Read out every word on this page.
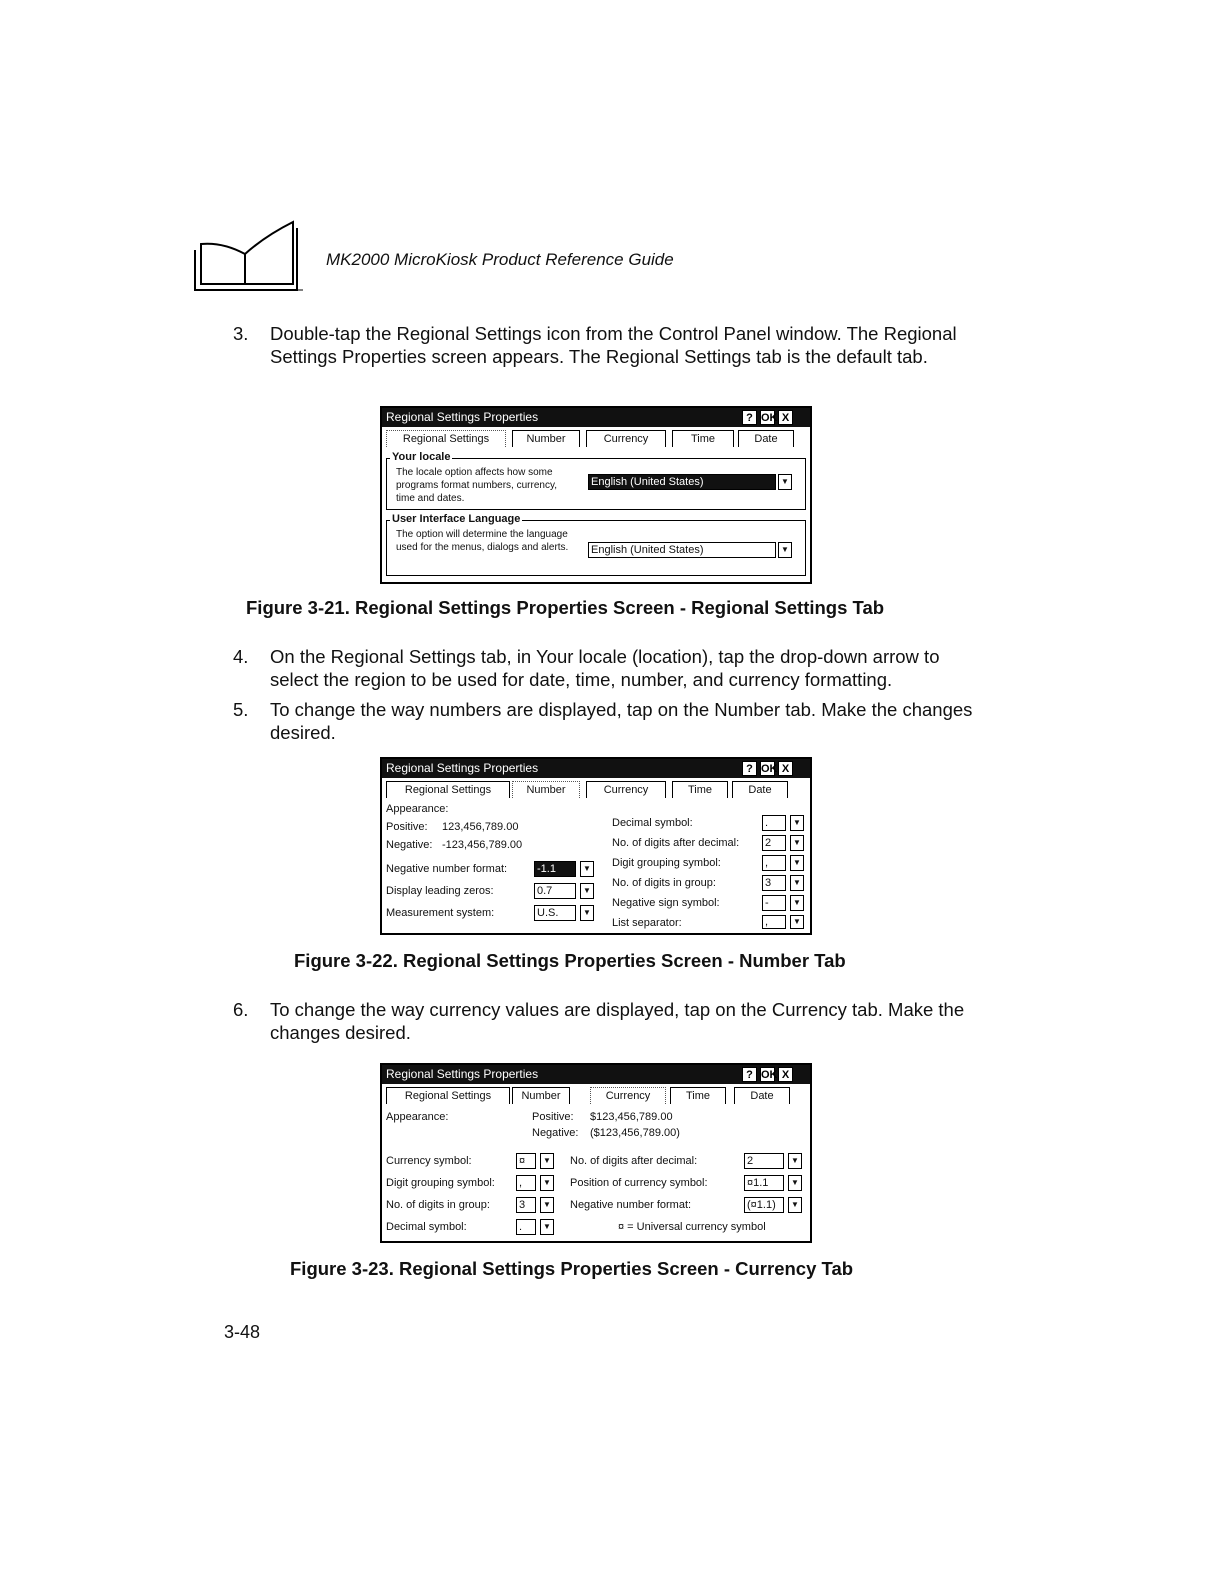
MK2000 MicroKiosk Product Reference Guide
3. Double-tap the Regional Settings icon from the Control Panel window. The Regional Settings Properties screen appears. The Regional Settings tab is the default tab.
Regional Settings Properties	? OK X
Regional Settings	Number	Currency	Time	Date
Your locale
The locale option affects how some programs format numbers, currency, time and dates.
English (United States)	▼
User Interface Language
The option will determine the language used for the menus, dialogs and alerts.	English (United States)	▼
Figure 3-21. Regional Settings Properties Screen - Regional Settings Tab
4. On the Regional Settings tab, in Your locale (location), tap the drop-down arrow to select the region to be used for date, time, number, and currency formatting.
5. To change the way numbers are displayed, tap on the Number tab. Make the changes desired.
Regional Settings Properties	? OK X
Regional Settings	Number	Currency	Time	Date
Appearance:
Positive: 123,456,789.00
Negative: -123,456,789.00
Negative number format:	-1.1	▼
Display leading zeros:	0.7	▼
Measurement system:	U.S.	▼
Decimal symbol:	.	▼
No. of digits after decimal: 2	▼
Digit grouping symbol:	,	▼
No. of digits in group:	3	▼
Negative sign symbol:	-	▼
List separator:	,	▼
Figure 3-22. Regional Settings Properties Screen - Number Tab
6. To change the way currency values are displayed, tap on the Currency tab. Make the changes desired.
Regional Settings Properties	? OK X
Regional Settings	Number	Currency	Time	Date
Appearance:	Positive: $123,456,789.00
Negative: ($123,456,789.00)
Currency symbol:	¤	▼
Digit grouping symbol: ,	▼
No. of digits in group:	3	▼
Decimal symbol:	.	▼
No. of digits after decimal:	2	▼
Position of currency symbol:	¤1.1	▼
Negative number format:	(¤1.1)	▼
¤ = Universal currency symbol
Figure 3-23. Regional Settings Properties Screen - Currency Tab
3-48
